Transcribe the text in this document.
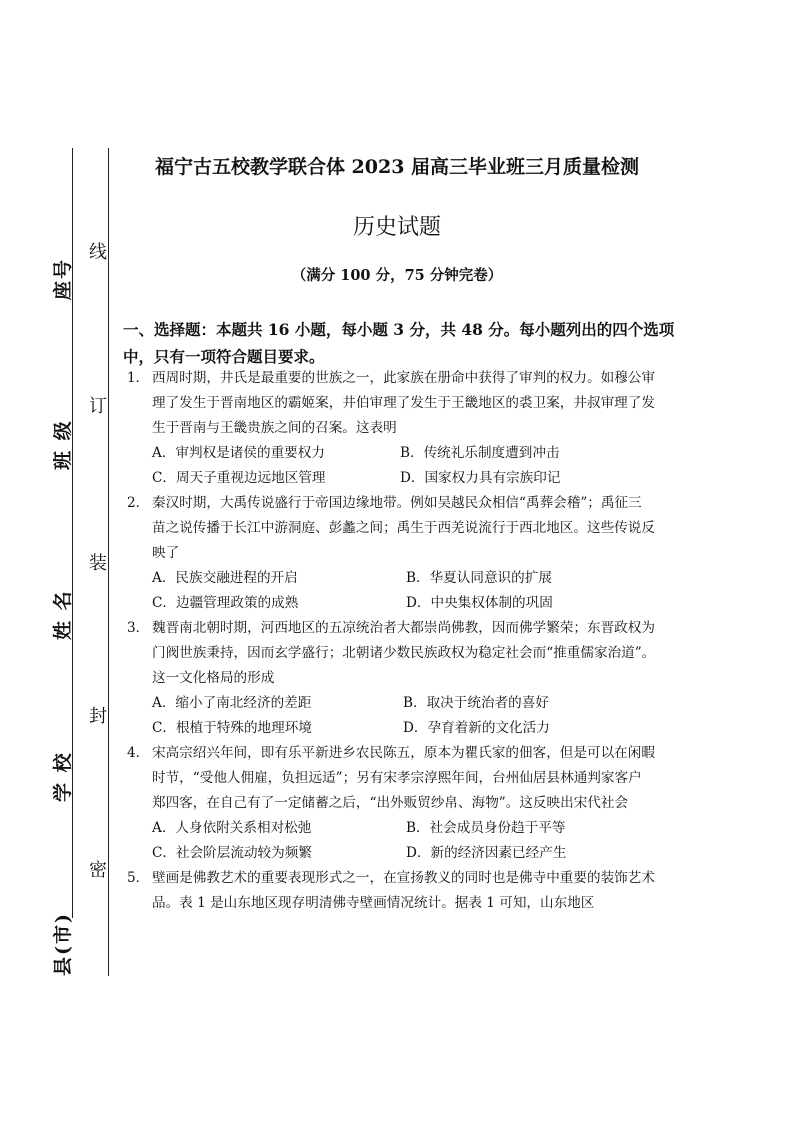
座号
班 级
姓 名
学 校
县(市)
线
订
装
封
密
福宁古五校教学联合体 2023 届高三毕业班三月质量检测
历史试题
（满分 100 分，75 分钟完卷）
一、选择题：本题共 16 小题，每小题 3 分，共 48 分。每小题列出的四个选项
中，只有一项符合题目要求。
1． 西周时期，井氏是最重要的世族之一，此家族在册命中获得了审判的权力。如穆公审
理了发生于晋南地区的霸姬案，井伯审理了发生于王畿地区的裘卫案，井叔审理了发
生于晋南与王畿贵族之间的召案。这表明
A．审判权是诸侯的重要权力	B．传统礼乐制度遭到冲击
C．周天子重视边远地区管理	D．国家权力具有宗族印记
2． 秦汉时期，大禹传说盛行于帝国边缘地带。例如吴越民众相信“禹葬会稽”；禹征三
苗之说传播于长江中游洞庭、彭蠡之间；禹生于西羌说流行于西北地区。这些传说反
映了
A．民族交融进程的开启	B．华夏认同意识的扩展
C．边疆管理政策的成熟	D．中央集权体制的巩固
3． 魏晋南北朝时期，河西地区的五凉统治者大都崇尚佛教，因而佛学繁荣；东晋政权为
门阀世族秉持，因而玄学盛行；北朝诸少数民族政权为稳定社会而“推重儒家治道”。
这一文化格局的形成
A．缩小了南北经济的差距	B．取决于统治者的喜好
C．根植于特殊的地理环境	D．孕育着新的文化活力
4． 宋高宗绍兴年间，即有乐平新进乡农民陈五，原本为瞿氏家的佃客，但是可以在闲暇
时节，“受他人佣雇，负担远适”；另有宋孝宗淳熙年间，台州仙居县林通判家客户
郑四客，在自己有了一定储蓄之后，“出外贩贸纱帛、海物”。这反映出宋代社会
A．人身依附关系相对松弛	B．社会成员身份趋于平等
C．社会阶层流动较为频繁	D．新的经济因素已经产生
5． 壁画是佛教艺术的重要表现形式之一，在宣扬教义的同时也是佛寺中重要的装饰艺术
品。表 1 是山东地区现存明清佛寺壁画情况统计。据表 1 可知，山东地区
